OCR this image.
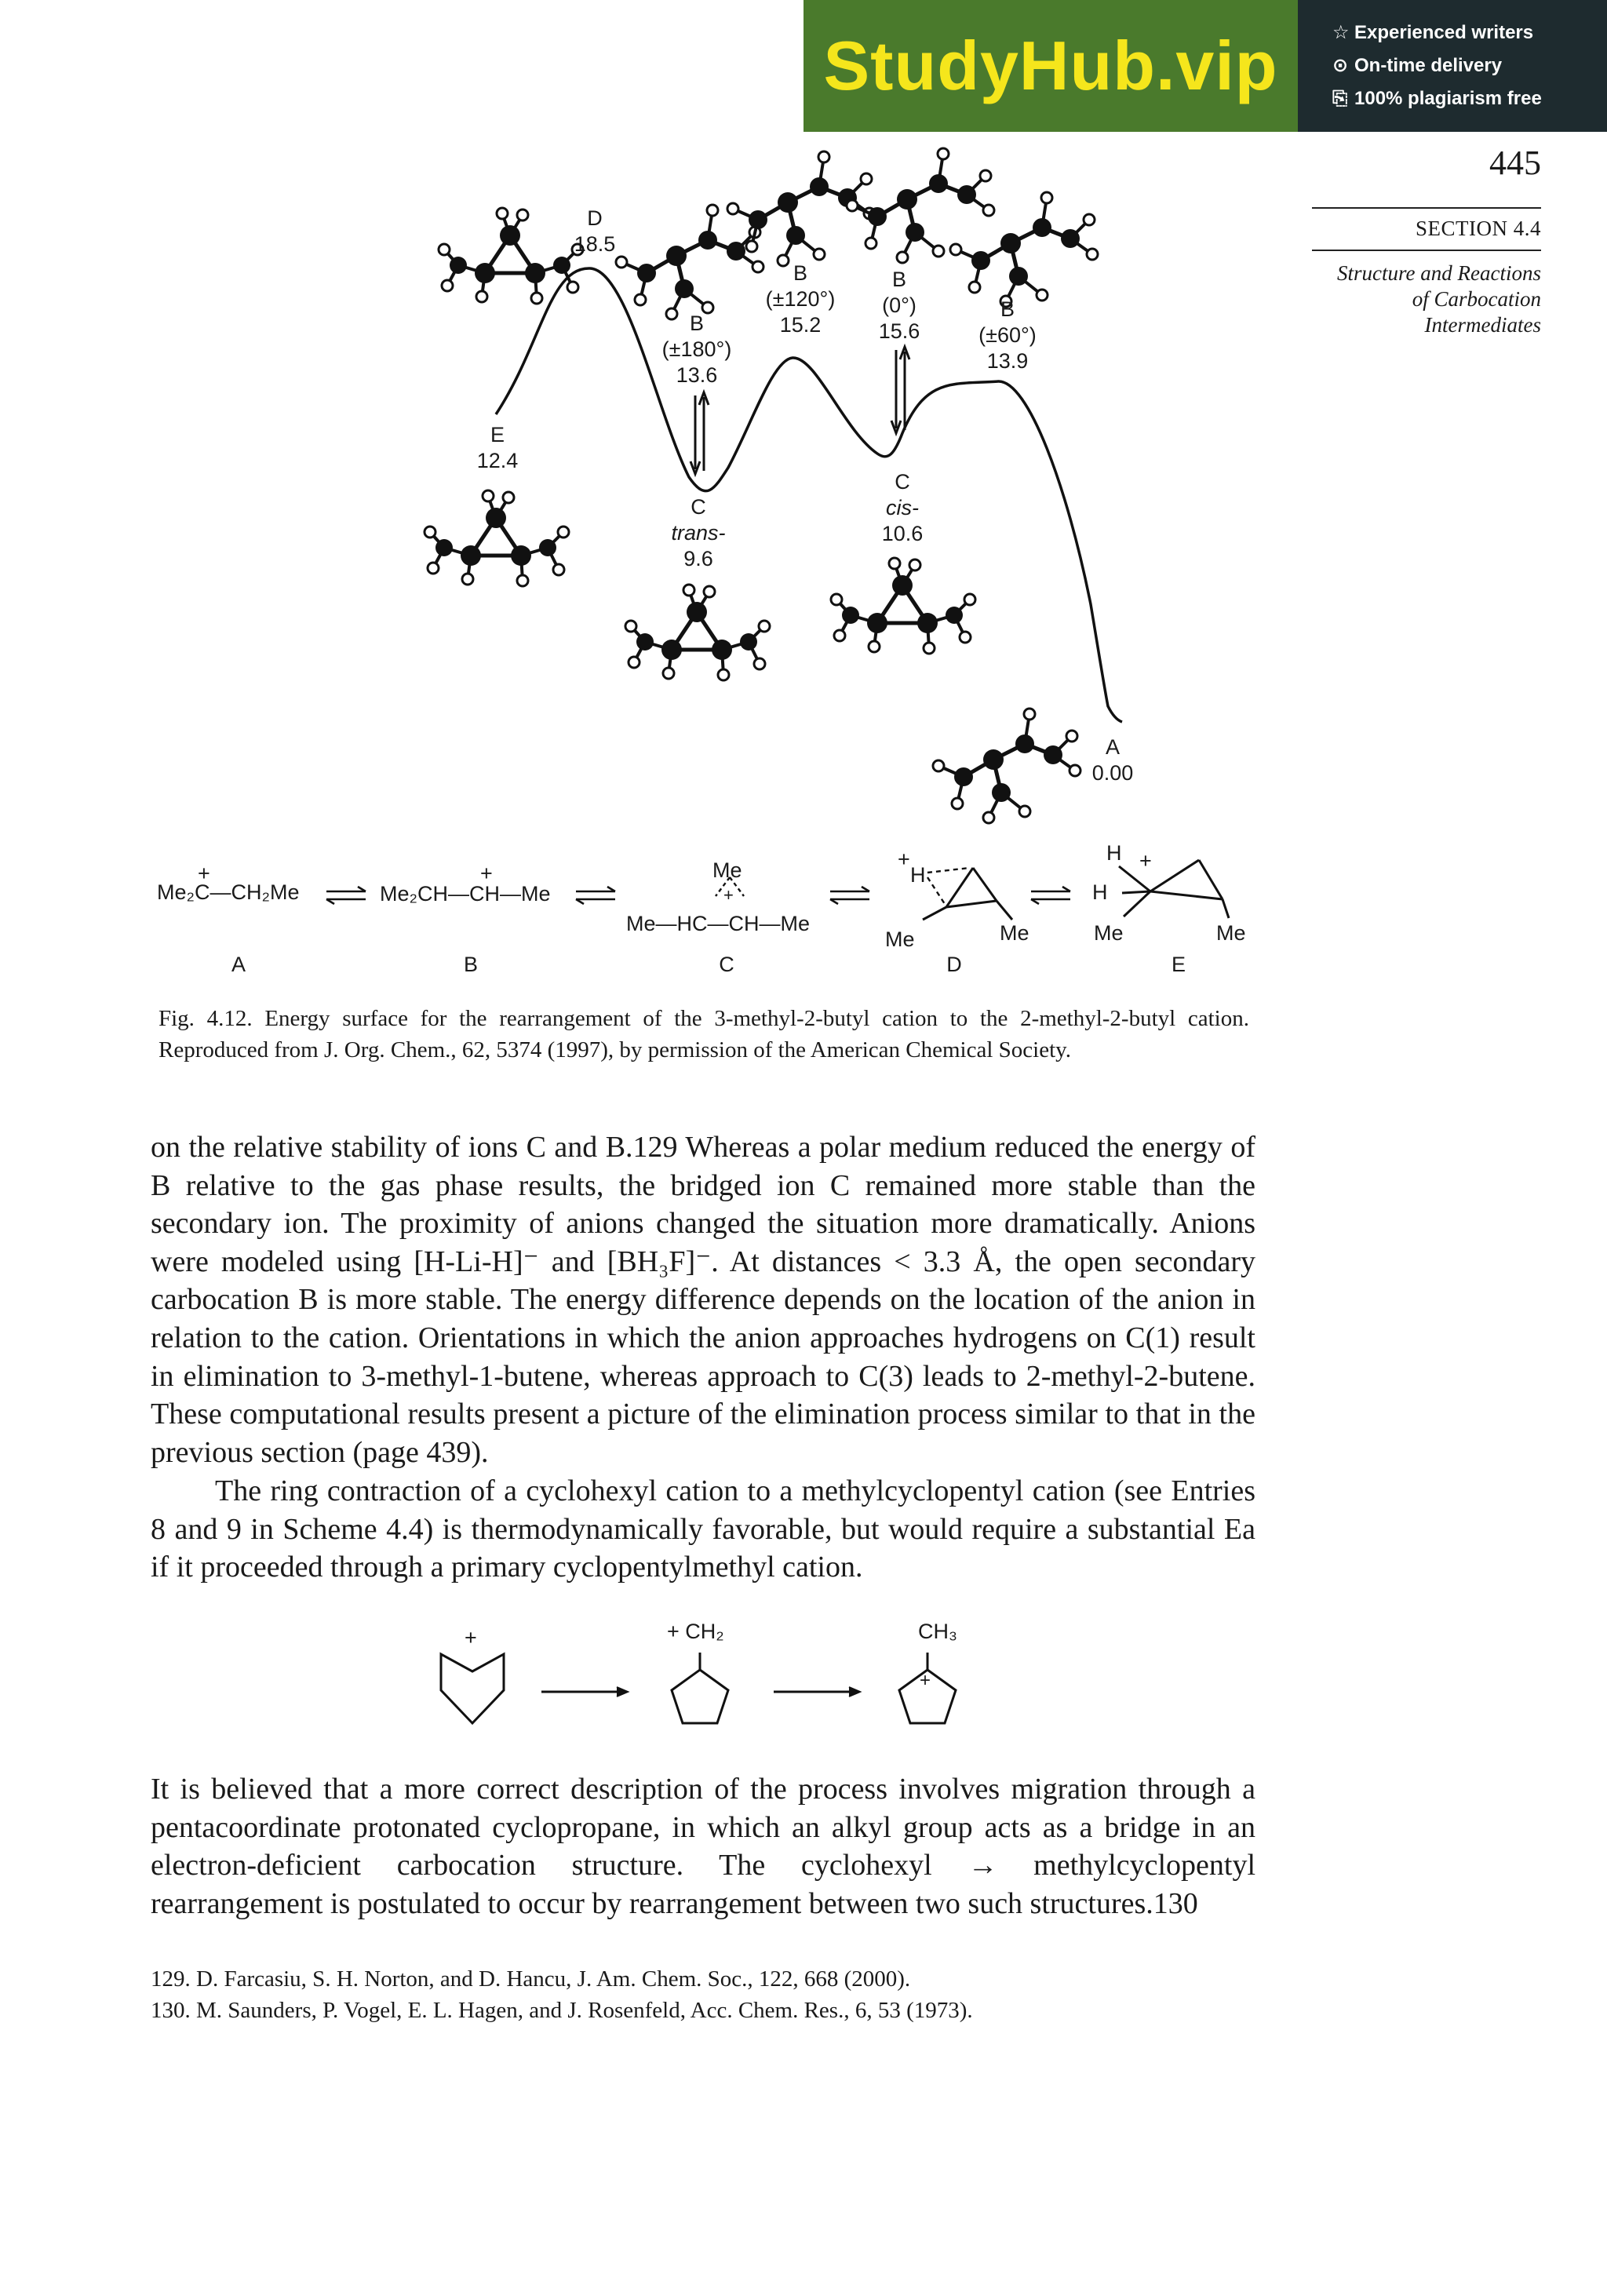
StudyHub.vip	☆ Experienced writers
⊙ On-time delivery
⎘ 100% plagiarism free
445
SECTION 4.4
Structure and Reactions
of Carbocation
Intermediates
D
18.5
E
12.4
B
(±180°)
13.6
B
(±120°)
15.2
B
(0°)
15.6
B
(±60°)
13.9
C
trans-
9.6
C
cis-
10.6
A
0.00
+
Me₂C—CH₂Me
+
Me₂CH—CH—Me
Me
+
Me—HC—CH—Me
+
H
Me	Me
H +
H
Me	Me
A	B	C	D	E
Fig. 4.12. Energy surface for the rearrangement of the 3-methyl-2-butyl cation to the 2-methyl-2-butyl cation. Reproduced from J. Org. Chem., 62, 5374 (1997), by permission of the American Chemical Society.
on the relative stability of ions C and B.129 Whereas a polar medium reduced the energy of B relative to the gas phase results, the bridged ion C remained more stable than the secondary ion. The proximity of anions changed the situation more dramatically. Anions were modeled using [H-Li-H]⁻ and [BH₃F]⁻. At distances < 3.3 Å, the open secondary carbocation B is more stable. The energy difference depends on the location of the anion in relation to the cation. Orientations in which the anion approaches hydrogens on C(1) result in elimination to 3-methyl-1-butene, whereas approach to C(3) leads to 2-methyl-2-butene. These computational results present a picture of the elimination process similar to that in the previous section (page 439).
The ring contraction of a cyclohexyl cation to a methylcyclopentyl cation (see Entries 8 and 9 in Scheme 4.4) is thermodynamically favorable, but would require a substantial Ea if it proceeded through a primary cyclopentylmethyl cation.
+	+ CH₂	CH₃
+
It is believed that a more correct description of the process involves migration through a pentacoordinate protonated cyclopropane, in which an alkyl group acts as a bridge in an electron-deficient carbocation structure. The cyclohexyl → methylcyclopentyl rearrangement is postulated to occur by rearrangement between two such structures.130
129. D. Farcasiu, S. H. Norton, and D. Hancu, J. Am. Chem. Soc., 122, 668 (2000).
130. M. Saunders, P. Vogel, E. L. Hagen, and J. Rosenfeld, Acc. Chem. Res., 6, 53 (1973).
